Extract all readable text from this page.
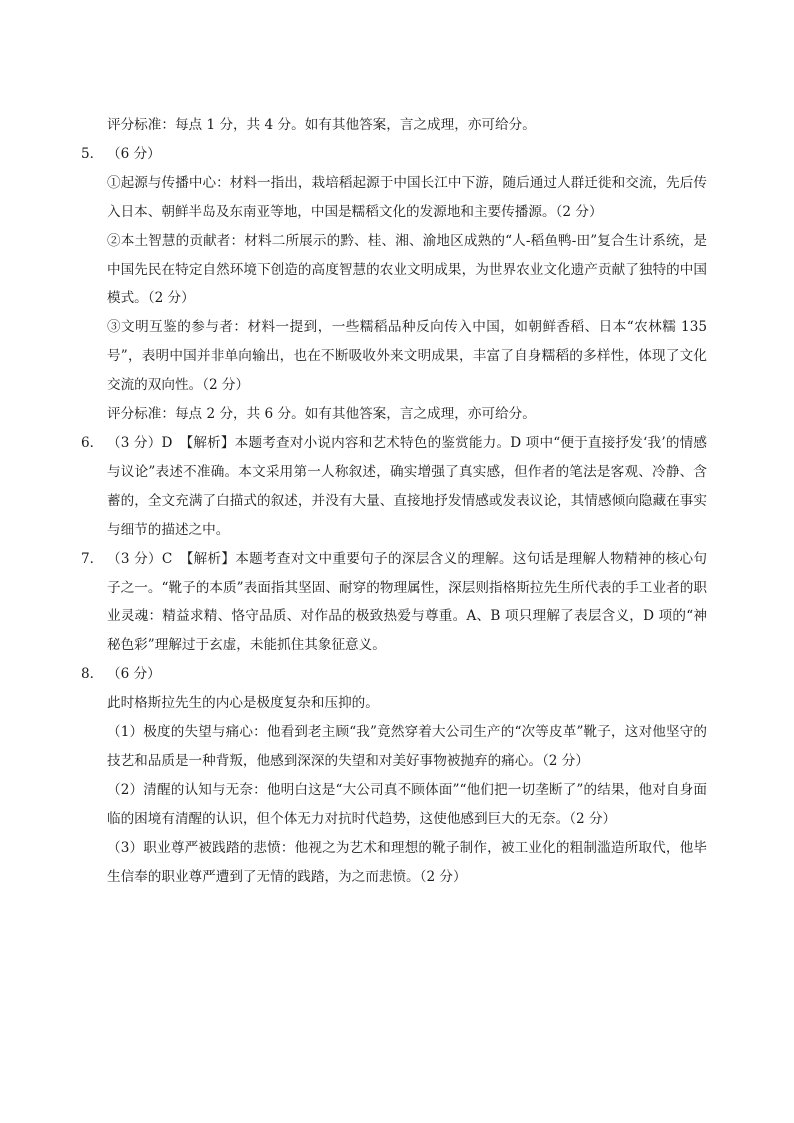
评分标准：每点 1 分，共 4 分。如有其他答案，言之成理，亦可给分。

5． （6 分）

①起源与传播中心：材料一指出，栽培稻起源于中国长江中下游，随后通过人群迁徙和交流，先后传入日本、朝鲜半岛及东南亚等地，中国是糯稻文化的发源地和主要传播源。（2 分）

②本土智慧的贡献者：材料二所展示的黔、桂、湘、渝地区成熟的“人-稻鱼鸭-田”复合生计系统，是中国先民在特定自然环境下创造的高度智慧的农业文明成果，为世界农业文化遗产贡献了独特的中国模式。（2 分）

③文明互鉴的参与者：材料一提到，一些糯稻品种反向传入中国，如朝鲜香稻、日本“农林糯 135 号”，表明中国并非单向输出，也在不断吸收外来文明成果，丰富了自身糯稻的多样性，体现了文化交流的双向性。（2 分）

评分标准：每点 2 分，共 6 分。如有其他答案，言之成理，亦可给分。

6． （3 分）D　【解析】本题考查对小说内容和艺术特色的鉴赏能力。D 项中“便于直接抒发‘我’的情感与议论”表述不准确。本文采用第一人称叙述，确实增强了真实感，但作者的笔法是客观、冷静、含蓄的，全文充满了白描式的叙述，并没有大量、直接地抒发情感或发表议论，其情感倾向隐藏在事实与细节的描述之中。

7． （3 分）C　【解析】本题考查对文中重要句子的深层含义的理解。这句话是理解人物精神的核心句子之一。“靴子的本质”表面指其坚固、耐穿的物理属性，深层则指格斯拉先生所代表的手工业者的职业灵魂：精益求精、恪守品质、对作品的极致热爱与尊重。A、B 项只理解了表层含义，D 项的“神秘色彩”理解过于玄虚，未能抓住其象征意义。

8． （6 分）

此时格斯拉先生的内心是极度复杂和压抑的。

（1）极度的失望与痛心：他看到老主顾“我”竟然穿着大公司生产的“次等皮革”靴子，这对他坚守的技艺和品质是一种背叛，他感到深深的失望和对美好事物被抛弃的痛心。（2 分）

（2）清醒的认知与无奈：他明白这是“大公司真不顾体面”“他们把一切垄断了”的结果，他对自身面临的困境有清醒的认识，但个体无力对抗时代趋势，这使他感到巨大的无奈。（2 分）

（3）职业尊严被践踏的悲愤：他视之为艺术和理想的靴子制作，被工业化的粗制滥造所取代，他毕生信奉的职业尊严遭到了无情的践踏，为之而悲愤。（2 分）
